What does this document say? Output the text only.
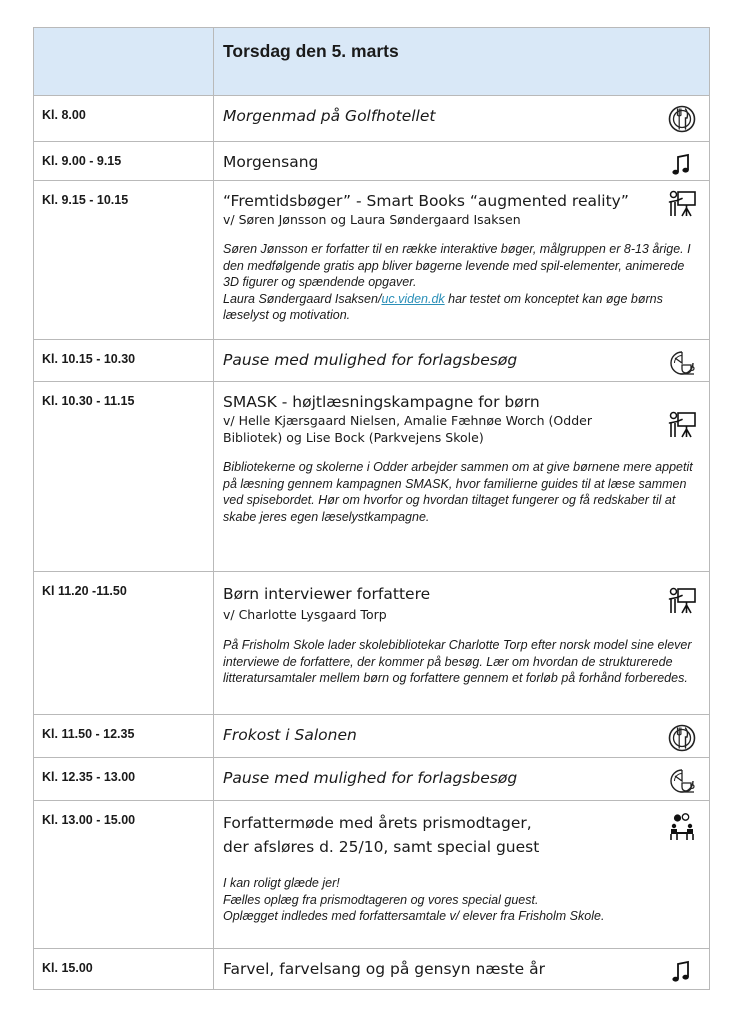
	Torsdag den 5. marts

Kl. 8.00	Morgenmad på Golfhotellet

Kl. 9.00 - 9.15	Morgensang

Kl. 9.15 - 10.15	“Fremtidsbøger” - Smart Books “augmented reality”
v/ Søren Jønsson og Laura Søndergaard Isaksen

Søren Jønsson er forfatter til en række interaktive bøger, målgruppen er 8-13 årige. I den medfølgende gratis app bliver bøgerne levende med spil-elementer, animerede 3D figurer og spændende opgaver.

Laura Søndergaard Isaksen/uc.viden.dk har testet om konceptet kan øge børns læselyst og motivation.

Kl. 10.15 - 10.30	Pause med mulighed for forlagsbesøg

Kl. 10.30 - 11.15	SMASK - højtlæsningskampagne for børn
v/ Helle Kjærsgaard Nielsen, Amalie Fæhnøe Worch (Odder Bibliotek) og Lise Bock (Parkvejens Skole)
Bibliotekerne og skolerne i Odder arbejder sammen om at give børnene mere appetit på læsning gennem kampagnen SMASK, hvor familierne guides til at læse sammen ved spisebordet. Hør om hvorfor og hvordan tiltaget fungerer og få redskaber til at skabe jeres egen læselystkampagne.

Kl 11.20 -11.50	Børn interviewer forfattere
v/ Charlotte Lysgaard Torp
På Frisholm Skole lader skolebibliotekar Charlotte Torp efter norsk model sine elever interviewe de forfattere, der kommer på besøg. Lær om hvordan de strukturerede litteratursamtaler mellem børn og forfattere gennem et forløb på forhånd forberedes.

Kl. 11.50 - 12.35	Frokost i Salonen

Kl. 12.35 - 13.00	Pause med mulighed for forlagsbesøg

Kl. 13.00 - 15.00	Forfattermøde med årets prismodtager, der afsløres d. 25/10, samt special guest

I kan roligt glæde jer!

Fælles oplæg fra prismodtageren og vores special guest.

Oplægget indledes med forfattersamtale v/ elever fra Frisholm Skole.

Kl. 15.00	Farvel, farvelsang og på gensyn næste år
